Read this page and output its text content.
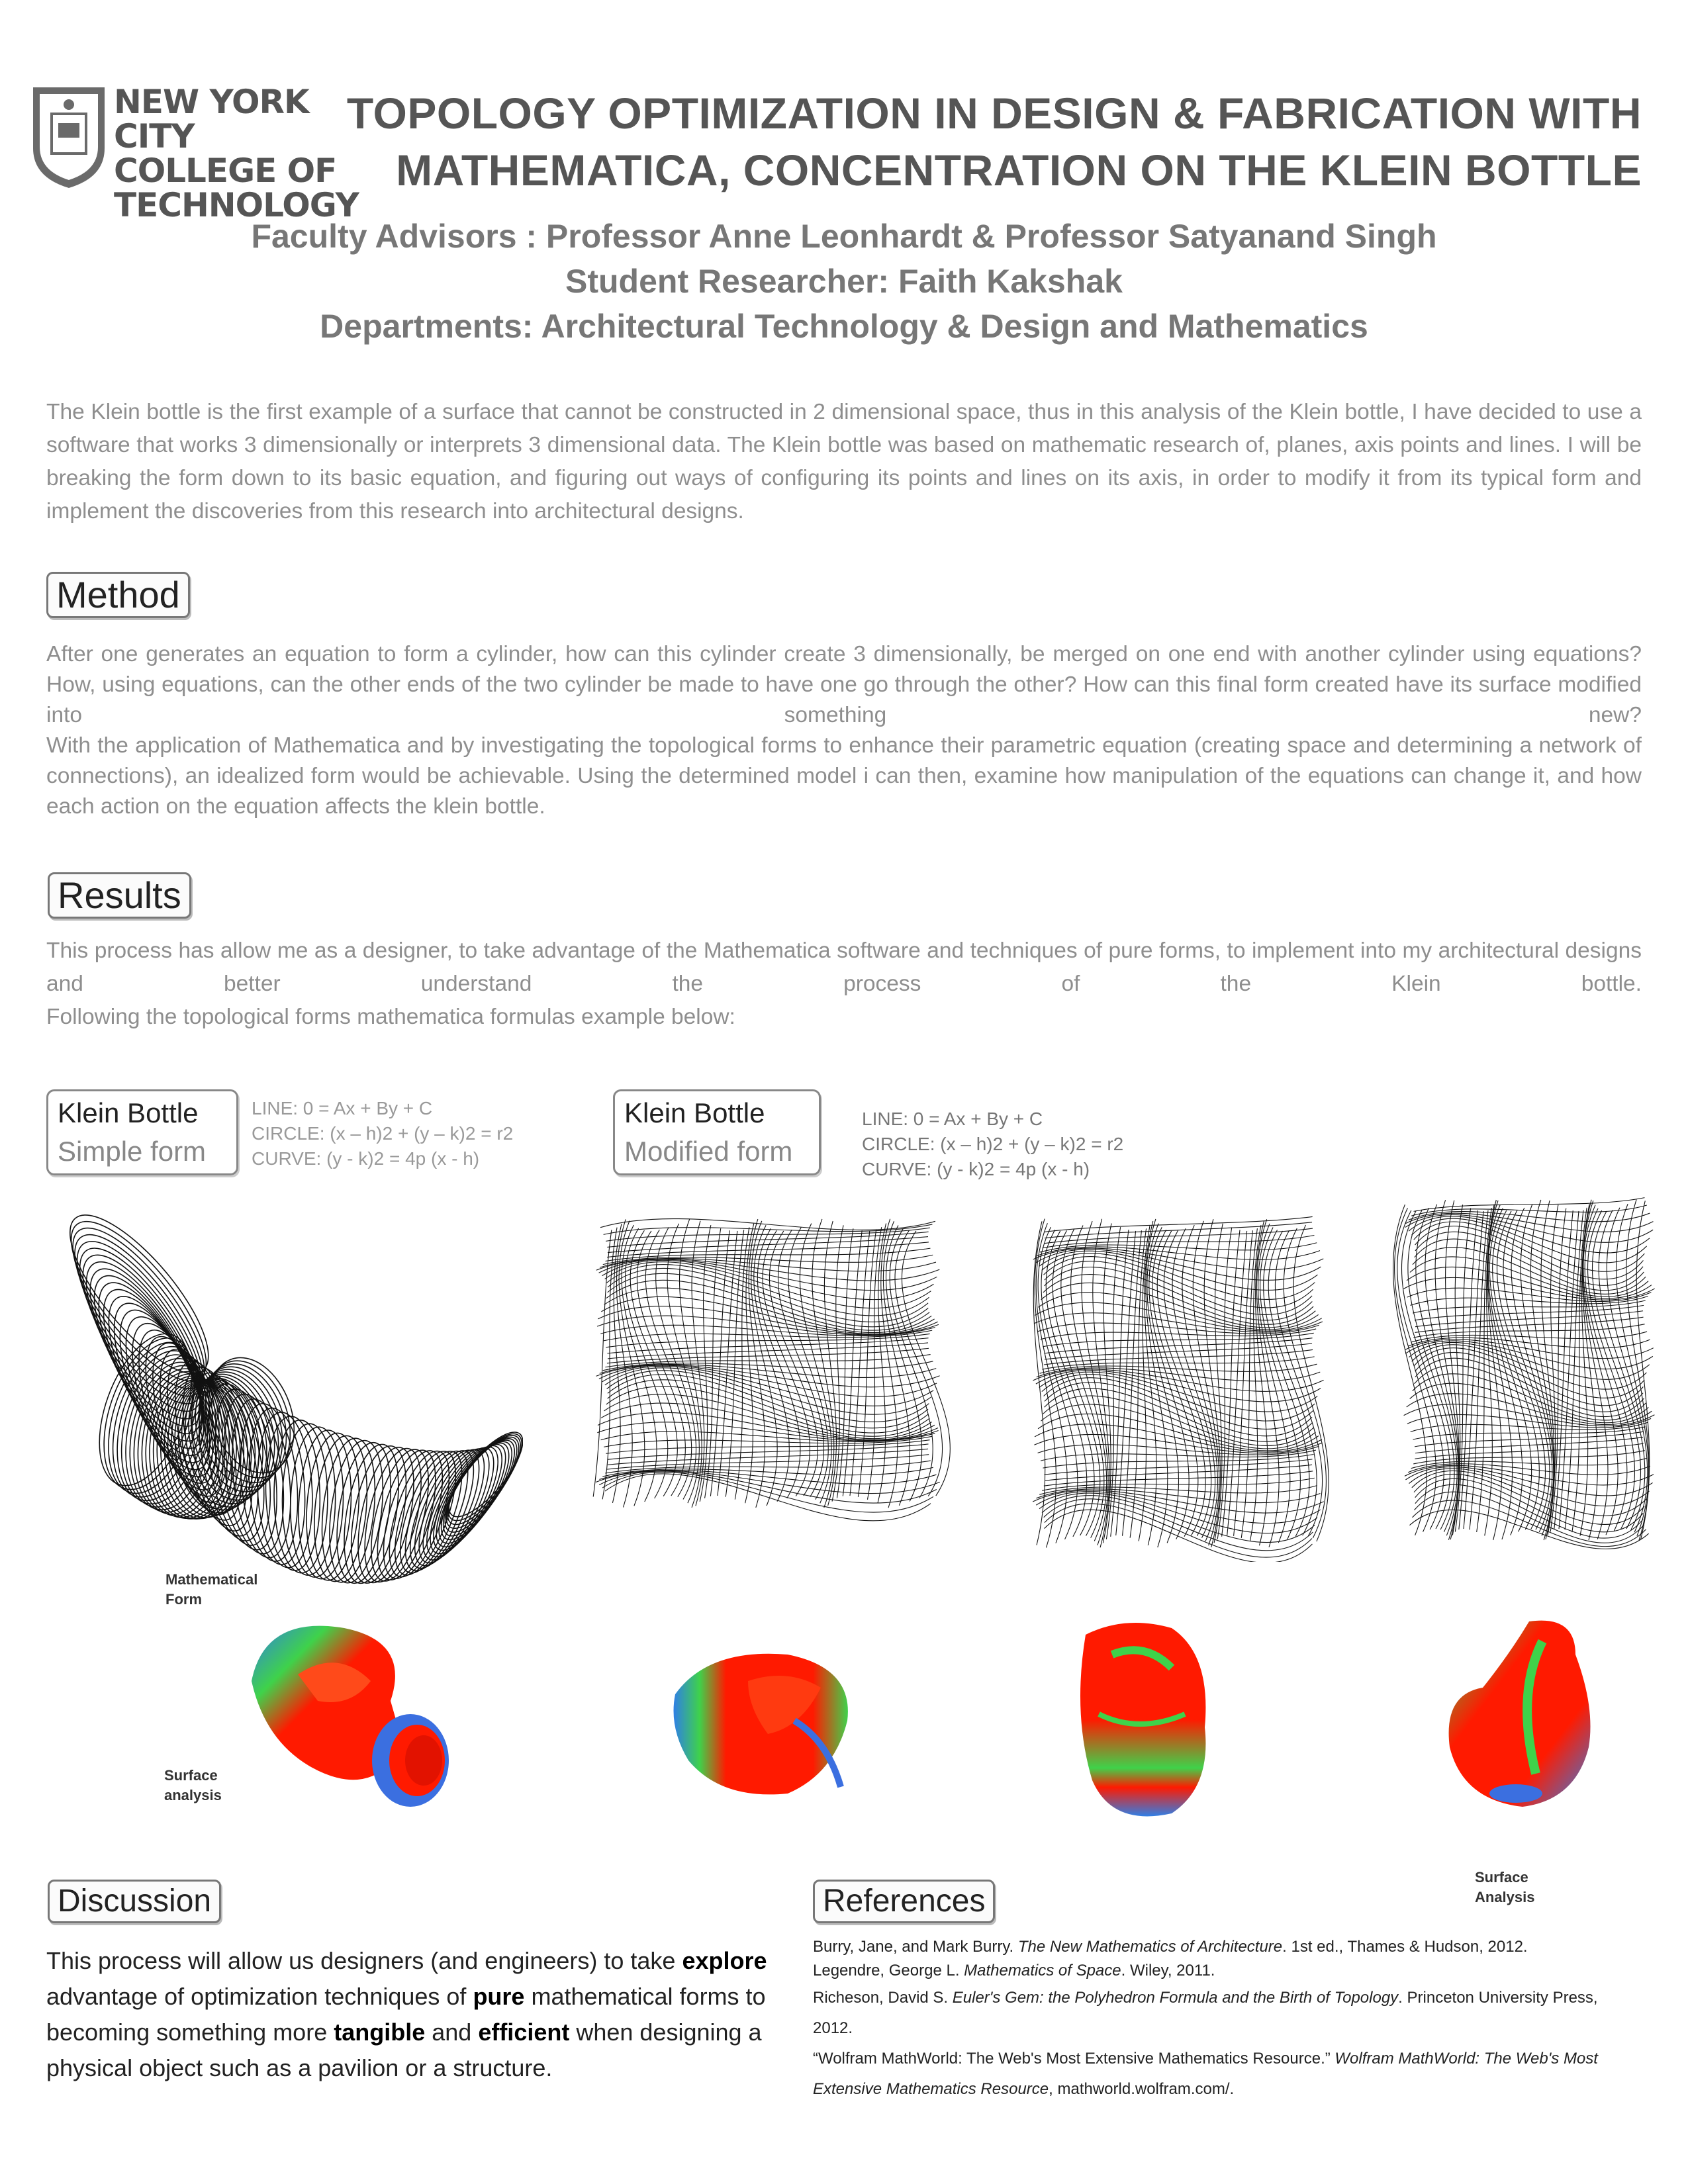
NEW YORK CITY
COLLEGE OF
TECHNOLOGY
TOPOLOGY OPTIMIZATION IN DESIGN & FABRICATION WITH
MATHEMATICA, CONCENTRATION ON THE KLEIN BOTTLE
Faculty Advisors : Professor Anne Leonhardt & Professor Satyanand Singh
Student Researcher: Faith Kakshak
Departments: Architectural Technology & Design and Mathematics

The Klein bottle is the first example of a surface that cannot be constructed in 2 dimensional space, thus in this analysis of the Klein bottle, I have decided to use a software that works 3 dimensionally or interprets 3 dimensional data. The Klein bottle was based on mathematic research of, planes, axis points and lines. I will be breaking the form down to its basic equation, and figuring out ways of configuring its points and lines on its axis, in order to modify it from its typical form and implement the discoveries from this research into architectural designs.

Method

After one generates an equation to form a cylinder, how can this cylinder create 3 dimensionally, be merged on one end with another cylinder using equations? How, using equations, can the other ends of the two cylinder be made to have one go through the other? How can this final form created have its surface modified into something new?

With the application of Mathematica and by investigating the topological forms to enhance their parametric equation (creating space and determining a network of connections), an idealized form would be achievable. Using the determined model i can then, examine how manipulation of the equations can change it, and how each action on the equation affects the klein bottle.

Results

This process has allow me as a designer, to take advantage of the Mathematica software and techniques of pure forms, to implement into my architectural designs and better understand the process of the Klein bottle.

Following the topological forms mathematica formulas example below:

Klein Bottle
Simple form
LINE: 0 = Ax + By + C
CIRCLE: (x – h)2 + (y – k)2 = r2
CURVE: (y - k)2 = 4p (x - h)
Klein Bottle
Modified form
LINE: 0 = Ax + By + C
CIRCLE: (x – h)2 + (y – k)2 = r2
CURVE: (y - k)2 = 4p (x - h)
Mathematical
Form
Surface
analysis
Surface
Analysis
Discussion
This process will allow us designers (and engineers) to take explore advantage of optimization techniques of pure mathematical forms to becoming something more tangible and efficient when designing a physical object such as a pavilion or a structure.
References

Burry, Jane, and Mark Burry. The New Mathematics of Architecture. 1st ed., Thames & Hudson, 2012.

Legendre, George L. Mathematics of Space. Wiley, 2011.

Richeson, David S. Euler's Gem: the Polyhedron Formula and the Birth of Topology. Princeton University Press, 2012.

“Wolfram MathWorld: The Web's Most Extensive Mathematics Resource.” Wolfram MathWorld: The Web's Most Extensive Mathematics Resource, mathworld.wolfram.com/.
